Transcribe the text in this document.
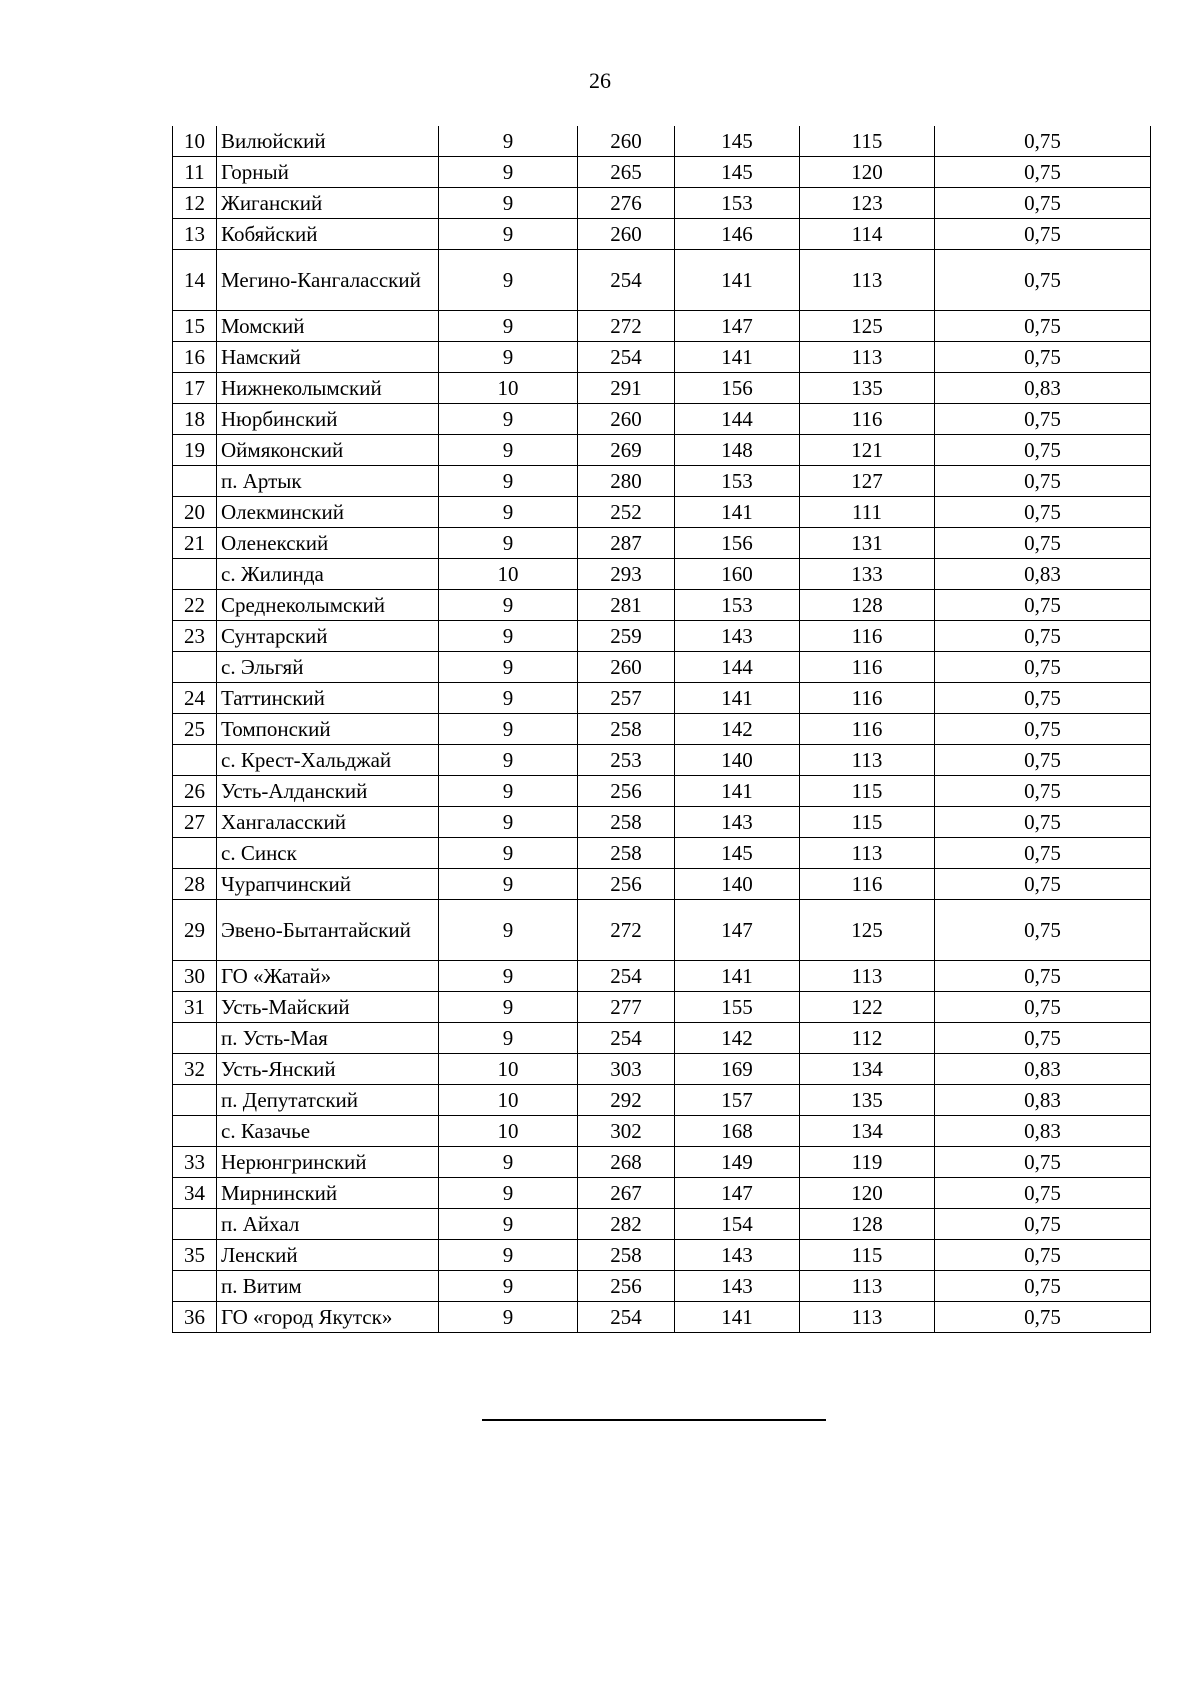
26
10	Вилюйский	9	260	145	115	0,75
11	Горный	9	265	145	120	0,75
12	Жиганский	9	276	153	123	0,75
13	Кобяйский	9	260	146	114	0,75
14	Мегино-Кангаласский	9	254	141	113	0,75
15	Момский	9	272	147	125	0,75
16	Намский	9	254	141	113	0,75
17	Нижнеколымский	10	291	156	135	0,83
18	Нюрбинский	9	260	144	116	0,75
19	Оймяконский	9	269	148	121	0,75
	п. Артык	9	280	153	127	0,75
20	Олекминский	9	252	141	111	0,75
21	Оленекский	9	287	156	131	0,75
	с. Жилинда	10	293	160	133	0,83
22	Среднеколымский	9	281	153	128	0,75
23	Сунтарский	9	259	143	116	0,75
	с. Эльгяй	9	260	144	116	0,75
24	Таттинский	9	257	141	116	0,75
25	Томпонский	9	258	142	116	0,75
	с. Крест-Хальджай	9	253	140	113	0,75
26	Усть-Алданский	9	256	141	115	0,75
27	Хангаласский	9	258	143	115	0,75
	с. Синск	9	258	145	113	0,75
28	Чурапчинский	9	256	140	116	0,75
29	Эвено-Бытантайский	9	272	147	125	0,75
30	ГО «Жатай»	9	254	141	113	0,75
31	Усть-Майский	9	277	155	122	0,75
	п. Усть-Мая	9	254	142	112	0,75
32	Усть-Янский	10	303	169	134	0,83
	п. Депутатский	10	292	157	135	0,83
	с. Казачье	10	302	168	134	0,83
33	Нерюнгринский	9	268	149	119	0,75
34	Мирнинский	9	267	147	120	0,75
	п. Айхал	9	282	154	128	0,75
35	Ленский	9	258	143	115	0,75
	п. Витим	9	256	143	113	0,75
36	ГО «город Якутск»	9	254	141	113	0,75
